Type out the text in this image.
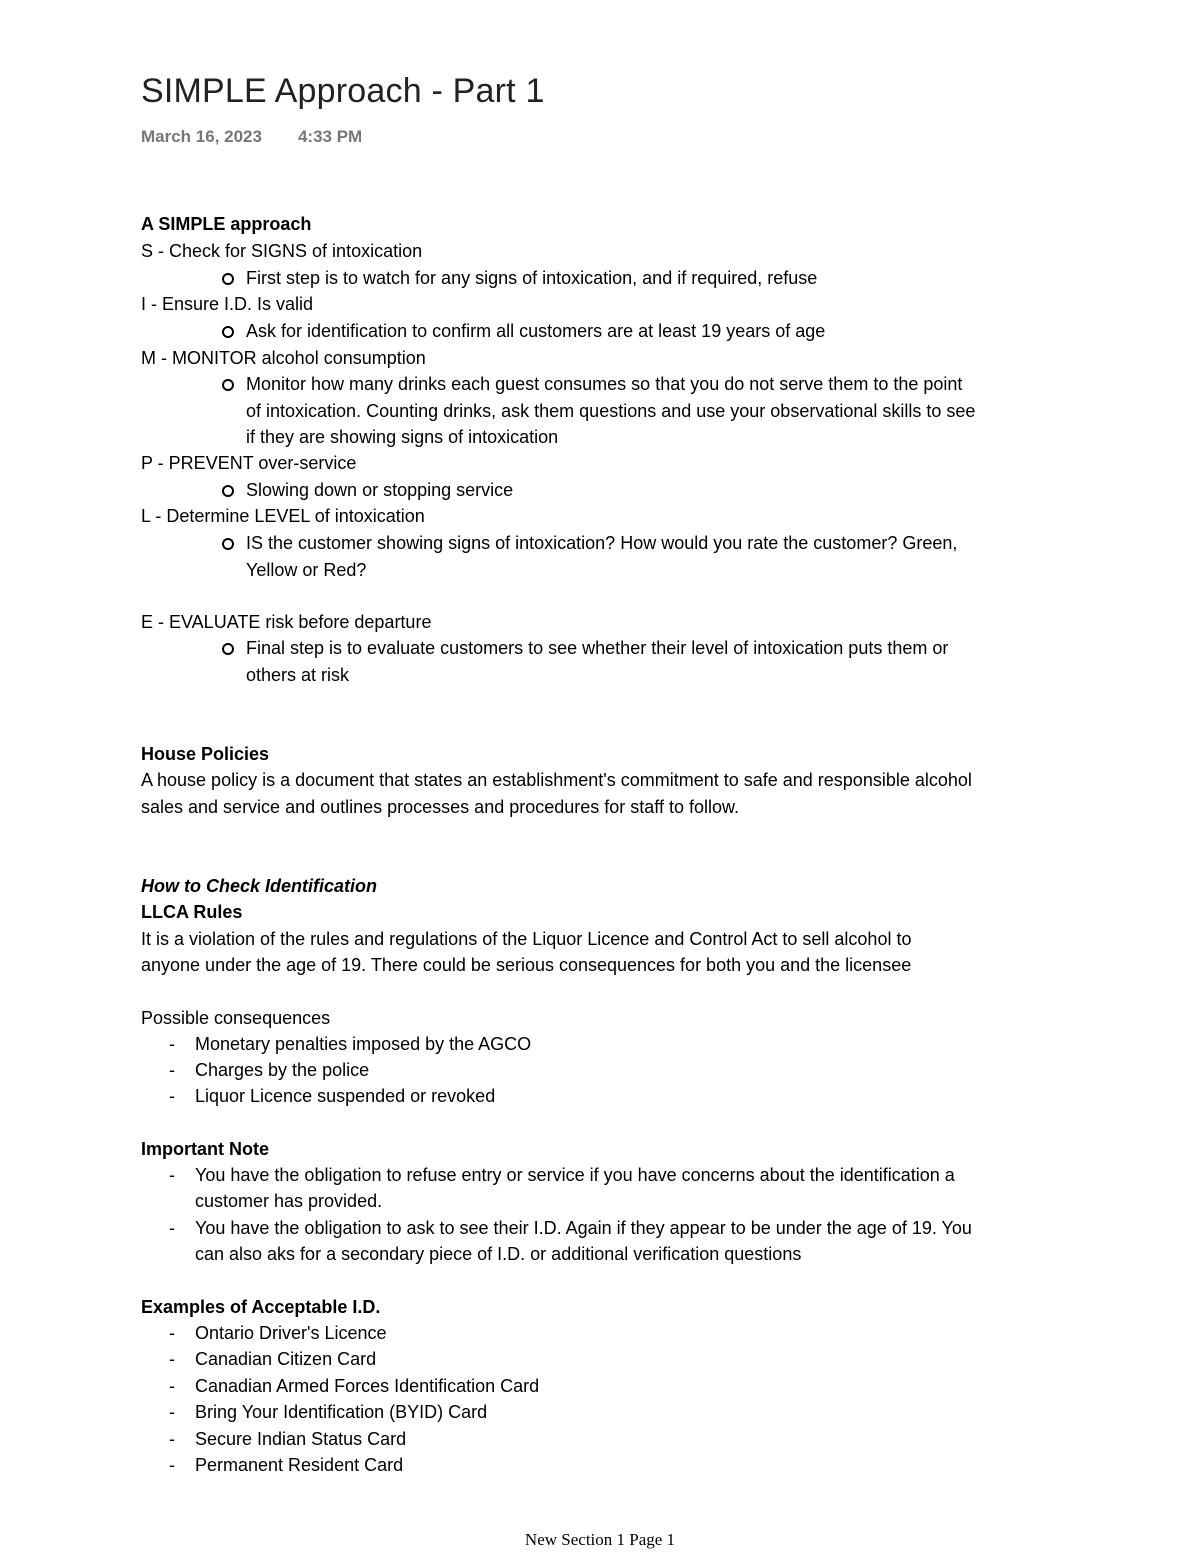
SIMPLE Approach - Part 1
March 16, 2023 4:33 PM
A SIMPLE approach
S - Check for SIGNS of intoxication
First step is to watch for any signs of intoxication, and if required, refuse
I - Ensure I.D. Is valid
Ask for identification to confirm all customers are at least 19 years of age
M - MONITOR alcohol consumption
Monitor how many drinks each guest consumes so that you do not serve them to the point
of intoxication. Counting drinks, ask them questions and use your observational skills to see
if they are showing signs of intoxication
P - PREVENT over-service
Slowing down or stopping service
L - Determine LEVEL of intoxication
IS the customer showing signs of intoxication? How would you rate the customer? Green,
Yellow or Red?
E - EVALUATE risk before departure
Final step is to evaluate customers to see whether their level of intoxication puts them or
others at risk
House Policies
A house policy is a document that states an establishment's commitment to safe and responsible alcohol
sales and service and outlines processes and procedures for staff to follow.
How to Check Identification
LLCA Rules
It is a violation of the rules and regulations of the Liquor Licence and Control Act to sell alcohol to
anyone under the age of 19. There could be serious consequences for both you and the licensee
Possible consequences
- Monetary penalties imposed by the AGCO
- Charges by the police
- Liquor Licence suspended or revoked
Important Note
- You have the obligation to refuse entry or service if you have concerns about the identification a
customer has provided.
- You have the obligation to ask to see their I.D. Again if they appear to be under the age of 19. You
can also aks for a secondary piece of I.D. or additional verification questions
Examples of Acceptable I.D.
- Ontario Driver's Licence
- Canadian Citizen Card
- Canadian Armed Forces Identification Card
- Bring Your Identification (BYID) Card
- Secure Indian Status Card
- Permanent Resident Card
New Section 1 Page 1
